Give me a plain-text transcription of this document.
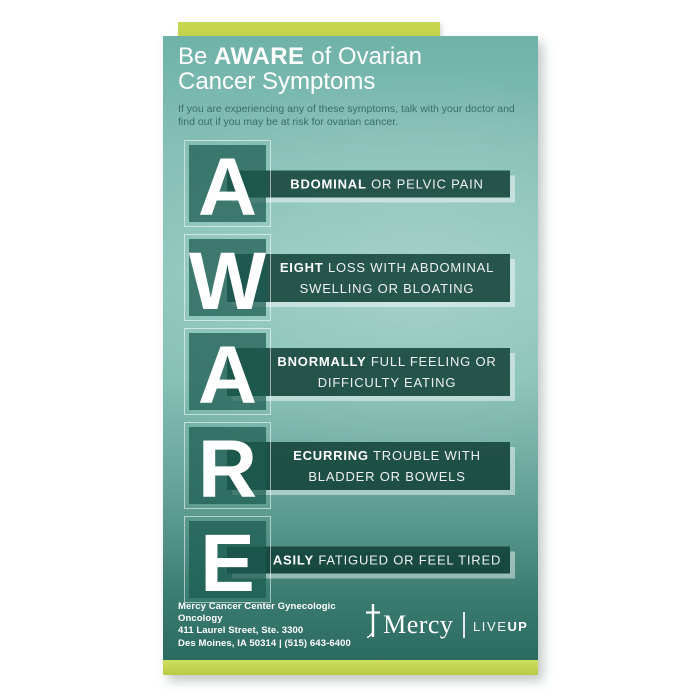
Be AWARE of Ovarian
Cancer Symptoms

If you are experiencing any of these symptoms, talk with your doctor and
find out if you may be at risk for ovarian cancer.

A	BDOMINAL OR PELVIC PAIN
W	EIGHT LOSS WITH ABDOMINAL
SWELLING OR BLOATING
A	BNORMALLY FULL FEELING OR
DIFFICULTY EATING
R	ECURRING TROUBLE WITH
BLADDER OR BOWELS
E ASILY FATIGUED OR FEEL TIRED
Mercy Cancer Center Gynecologic Oncology
411 Laurel Street, Ste. 3300
Des Moines, IA 50314 | (515) 643-6400
Mercy LIVEUP
